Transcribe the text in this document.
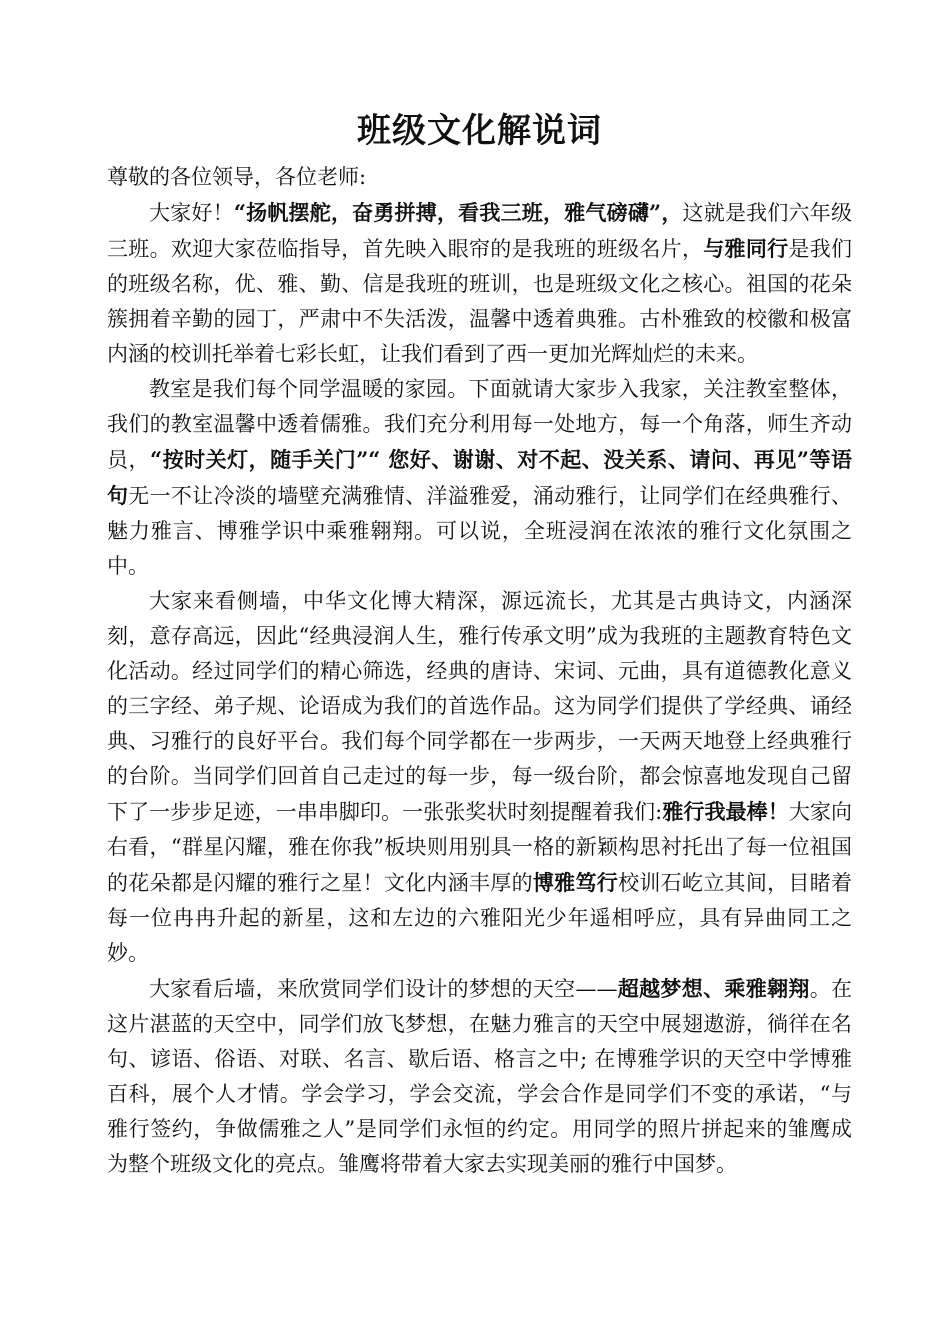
班级文化解说词

尊敬的各位领导，各位老师:

大家好！“扬帆摆舵，奋勇拼搏，看我三班，雅气磅礴”，这就是我们六年级三班。欢迎大家莅临指导，首先映入眼帘的是我班的班级名片，与雅同行是我们的班级名称，优、雅、勤、信是我班的班训，也是班级文化之核心。祖国的花朵簇拥着辛勤的园丁，严肃中不失活泼，温馨中透着典雅。古朴雅致的校徽和极富内涵的校训托举着七彩长虹，让我们看到了西一更加光辉灿烂的未来。

教室是我们每个同学温暖的家园。下面就请大家步入我家，关注教室整体，我们的教室温馨中透着儒雅。我们充分利用每一处地方，每一个角落，师生齐动员，“按时关灯，随手关门”“ 您好、谢谢、对不起、没关系、请问、再见”等语句无一不让冷淡的墙壁充满雅情、洋溢雅爱，涌动雅行，让同学们在经典雅行、魅力雅言、博雅学识中乘雅翱翔。可以说，全班浸润在浓浓的雅行文化氛围之中。

大家来看侧墙，中华文化博大精深，源远流长，尤其是古典诗文，内涵深刻，意存高远，因此“经典浸润人生，雅行传承文明”成为我班的主题教育特色文化活动。经过同学们的精心筛选，经典的唐诗、宋词、元曲，具有道德教化意义的三字经、弟子规、论语成为我们的首选作品。这为同学们提供了学经典、诵经典、习雅行的良好平台。我们每个同学都在一步两步，一天两天地登上经典雅行的台阶。当同学们回首自己走过的每一步，每一级台阶，都会惊喜地发现自己留下了一步步足迹，一串串脚印。一张张奖状时刻提醒着我们:雅行我最棒！大家向右看，“群星闪耀，雅在你我”板块则用别具一格的新颖构思衬托出了每一位祖国的花朵都是闪耀的雅行之星！文化内涵丰厚的博雅笃行校训石屹立其间，目睹着每一位冉冉升起的新星，这和左边的六雅阳光少年遥相呼应，具有异曲同工之妙。

大家看后墙，来欣赏同学们设计的梦想的天空——超越梦想、乘雅翱翔。在这片湛蓝的天空中，同学们放飞梦想，在魅力雅言的天空中展翅遨游，徜徉在名句、谚语、俗语、对联、名言、歇后语、格言之中; 在博雅学识的天空中学博雅百科，展个人才情。学会学习，学会交流，学会合作是同学们不变的承诺，“与雅行签约，争做儒雅之人”是同学们永恒的约定。用同学的照片拼起来的雏鹰成为整个班级文化的亮点。雏鹰将带着大家去实现美丽的雅行中国梦。
